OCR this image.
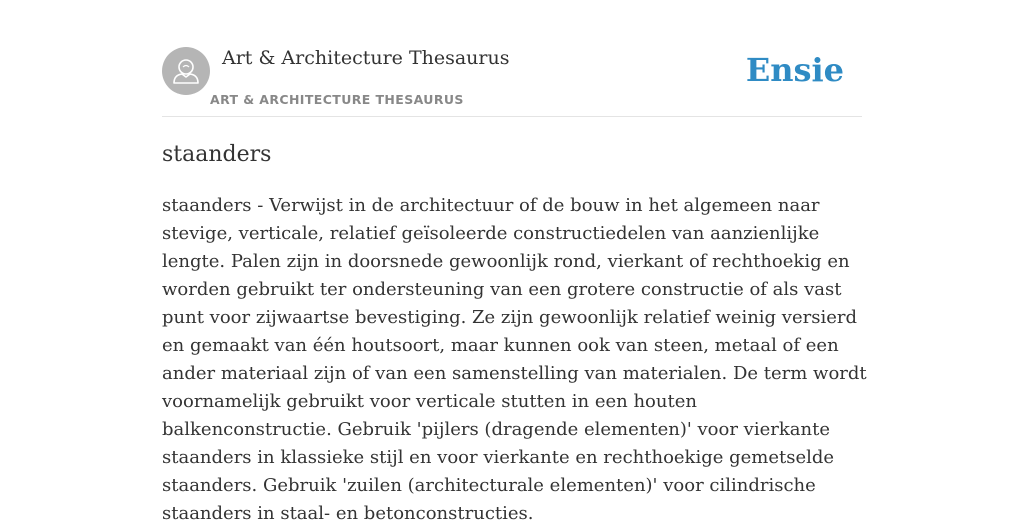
Art & Architecture Thesaurus
ART & ARCHITECTURE THESAURUS
Ensie
staanders

staanders - Verwijst in de architectuur of de bouw in het algemeen naar stevige, verticale, relatief geïsoleerde constructiedelen van aanzienlijke lengte. Palen zijn in doorsnede gewoonlijk rond, vierkant of rechthoekig en worden gebruikt ter ondersteuning van een grotere constructie of als vast punt voor zijwaartse bevestiging. Ze zijn gewoonlijk relatief weinig versierd en gemaakt van één houtsoort, maar kunnen ook van steen, metaal of een ander materiaal zijn of van een samenstelling van materialen. De term wordt voornamelijk gebruikt voor verticale stutten in een houten balkenconstructie. Gebruik 'pijlers (dragende elementen)' voor vierkante staanders in klassieke stijl en voor vierkante en rechthoekige gemetselde staanders. Gebruik 'zuilen (architecturale elementen)' voor cilindrische staanders in staal- en betonconstructies.
